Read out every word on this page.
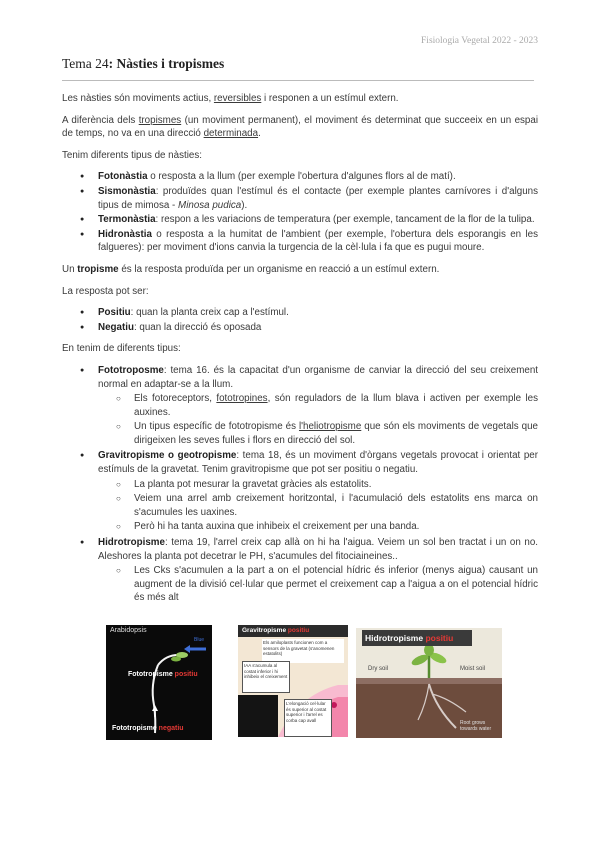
Fisiologia Vegetal 2022 - 2023
Tema 24: Nàsties i tropismes

Les nàsties són moviments actius, reversibles i responen a un estímul extern.

A diferència dels tropismes (un moviment permanent), el moviment és determinat que succeeix en un espai de temps, no va en una direcció determinada.

Tenim diferents tipus de nàsties:

● Fotonàstia o resposta a la llum (per exemple l'obertura d'algunes flors al de matí).
● Sismonàstia: produïdes quan l'estímul és el contacte (per exemple plantes carnívores i d'alguns tipus de mimosa - Minosa pudica).
● Termonàstia: respon a les variacions de temperatura (per exemple, tancament de la flor de la tulipa.
● Hidronàstia o resposta a la humitat de l'ambient (per exemple, l'obertura dels esporangis en les falgueres): per moviment d'ions canvia la turgencia de la cèl·lula i fa que es pugui moure.

Un tropisme és la resposta produïda per un organisme en reacció a un estímul extern.

La resposta pot ser:

● Positiu: quan la planta creix cap a l'estímul.
● Negatiu: quan la direcció és oposada

En tenim de diferents tipus:

● Fototroposme: tema 16. és la capacitat d'un organisme de canviar la direcció del seu creixement normal en adaptar-se a la llum.
○ Els fotoreceptors, fototropines, són reguladors de la llum blava i activen per exemple les auxines.
○ Un tipus específic de fototropisme és l'heliotropisme que són els moviments de vegetals que dirigeixen les seves fulles i flors en direcció del sol.
● Gravitropisme o geotropisme: tema 18, és un moviment d'òrgans vegetals provocat i orientat per estímuls de la gravetat. Tenim gravitropisme que pot ser positiu o negatiu.
○ La planta pot mesurar la gravetat gràcies als estatolits.
○ Veiem una arrel amb creixement horitzontal, i l'acumulació dels estatolits ens marca on s'acumules les uaxines.
○ Però hi ha tanta auxina que inhibeix el creixement per una banda.
● Hidrotropisme: tema 19, l'arrel creix cap allà on hi ha l'aigua. Veiem un sol ben tractat i un on no. Aleshores la planta pot decetrar le PH, s'acumules del fitociaineines..
○ Les Cks s'acumulen a la part a on el potencial hídric és inferior (menys aigua) causant un augment de la divisió cel·lular que permet el creixement cap a l'aigua a on el potencial hídric és més alt
Arabidopsis
Blue
Fototropisme positiu
Fototropisme negatiu
Gravitropisme positiu
Els amiloplasts funcionen com a sensors de la gravetat (s'anomenen estatolits)
IAA s'acumula al costat inferior i hi inhibeix el creixement
L'elongació cel·lular és superior al costat superior i l'arrel es corba cap avall
Hidrotropisme positiu
Dry soil	Moist soil
Root grows towards water
